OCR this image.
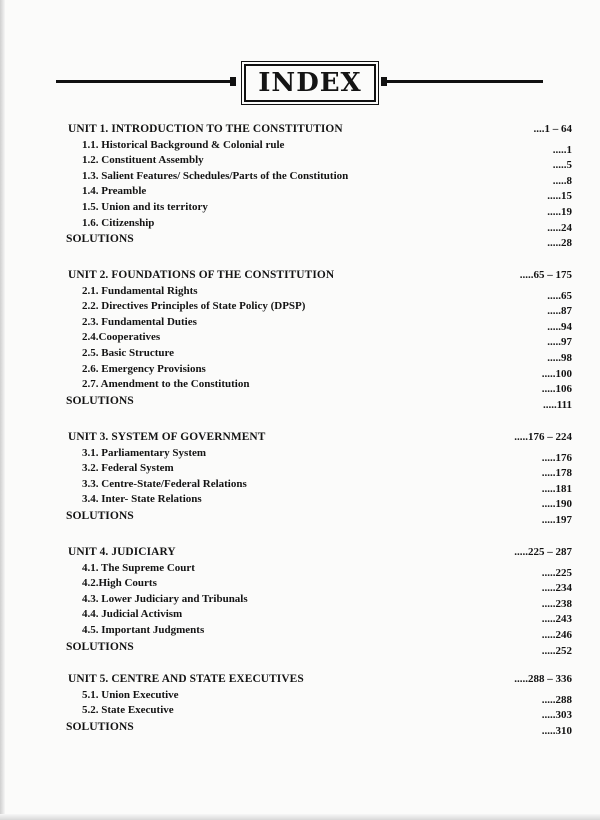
INDEX
UNIT 1. INTRODUCTION TO THE CONSTITUTION	....1 – 64
1.1. Historical Background & Colonial rule	.....1
1.2. Constituent Assembly	.....5
1.3. Salient Features/ Schedules/Parts of the Constitution	.....8
1.4. Preamble	.....15
1.5. Union and its territory	.....19
1.6. Citizenship	.....24
SOLUTIONS	.....28
UNIT 2. FOUNDATIONS OF THE CONSTITUTION	.....65 – 175
2.1. Fundamental Rights	.....65
2.2. Directives Principles of State Policy (DPSP)	.....87
2.3. Fundamental Duties	.....94
2.4.Cooperatives	.....97
2.5. Basic Structure	.....98
2.6. Emergency Provisions	.....100
2.7. Amendment to the Constitution	.....106
SOLUTIONS	.....111
UNIT 3. SYSTEM OF GOVERNMENT	.....176 – 224
3.1. Parliamentary System	.....176
3.2. Federal System	.....178
3.3. Centre-State/Federal Relations	.....181
3.4. Inter- State Relations	.....190
SOLUTIONS	.....197
UNIT 4. JUDICIARY	.....225 – 287
4.1. The Supreme Court	.....225
4.2.High Courts	.....234
4.3. Lower Judiciary and Tribunals	.....238
4.4. Judicial Activism	.....243
4.5. Important Judgments	.....246
SOLUTIONS	.....252
UNIT 5. CENTRE AND STATE EXECUTIVES	.....288 – 336
5.1. Union Executive	.....288
5.2. State Executive	.....303
SOLUTIONS	.....310
